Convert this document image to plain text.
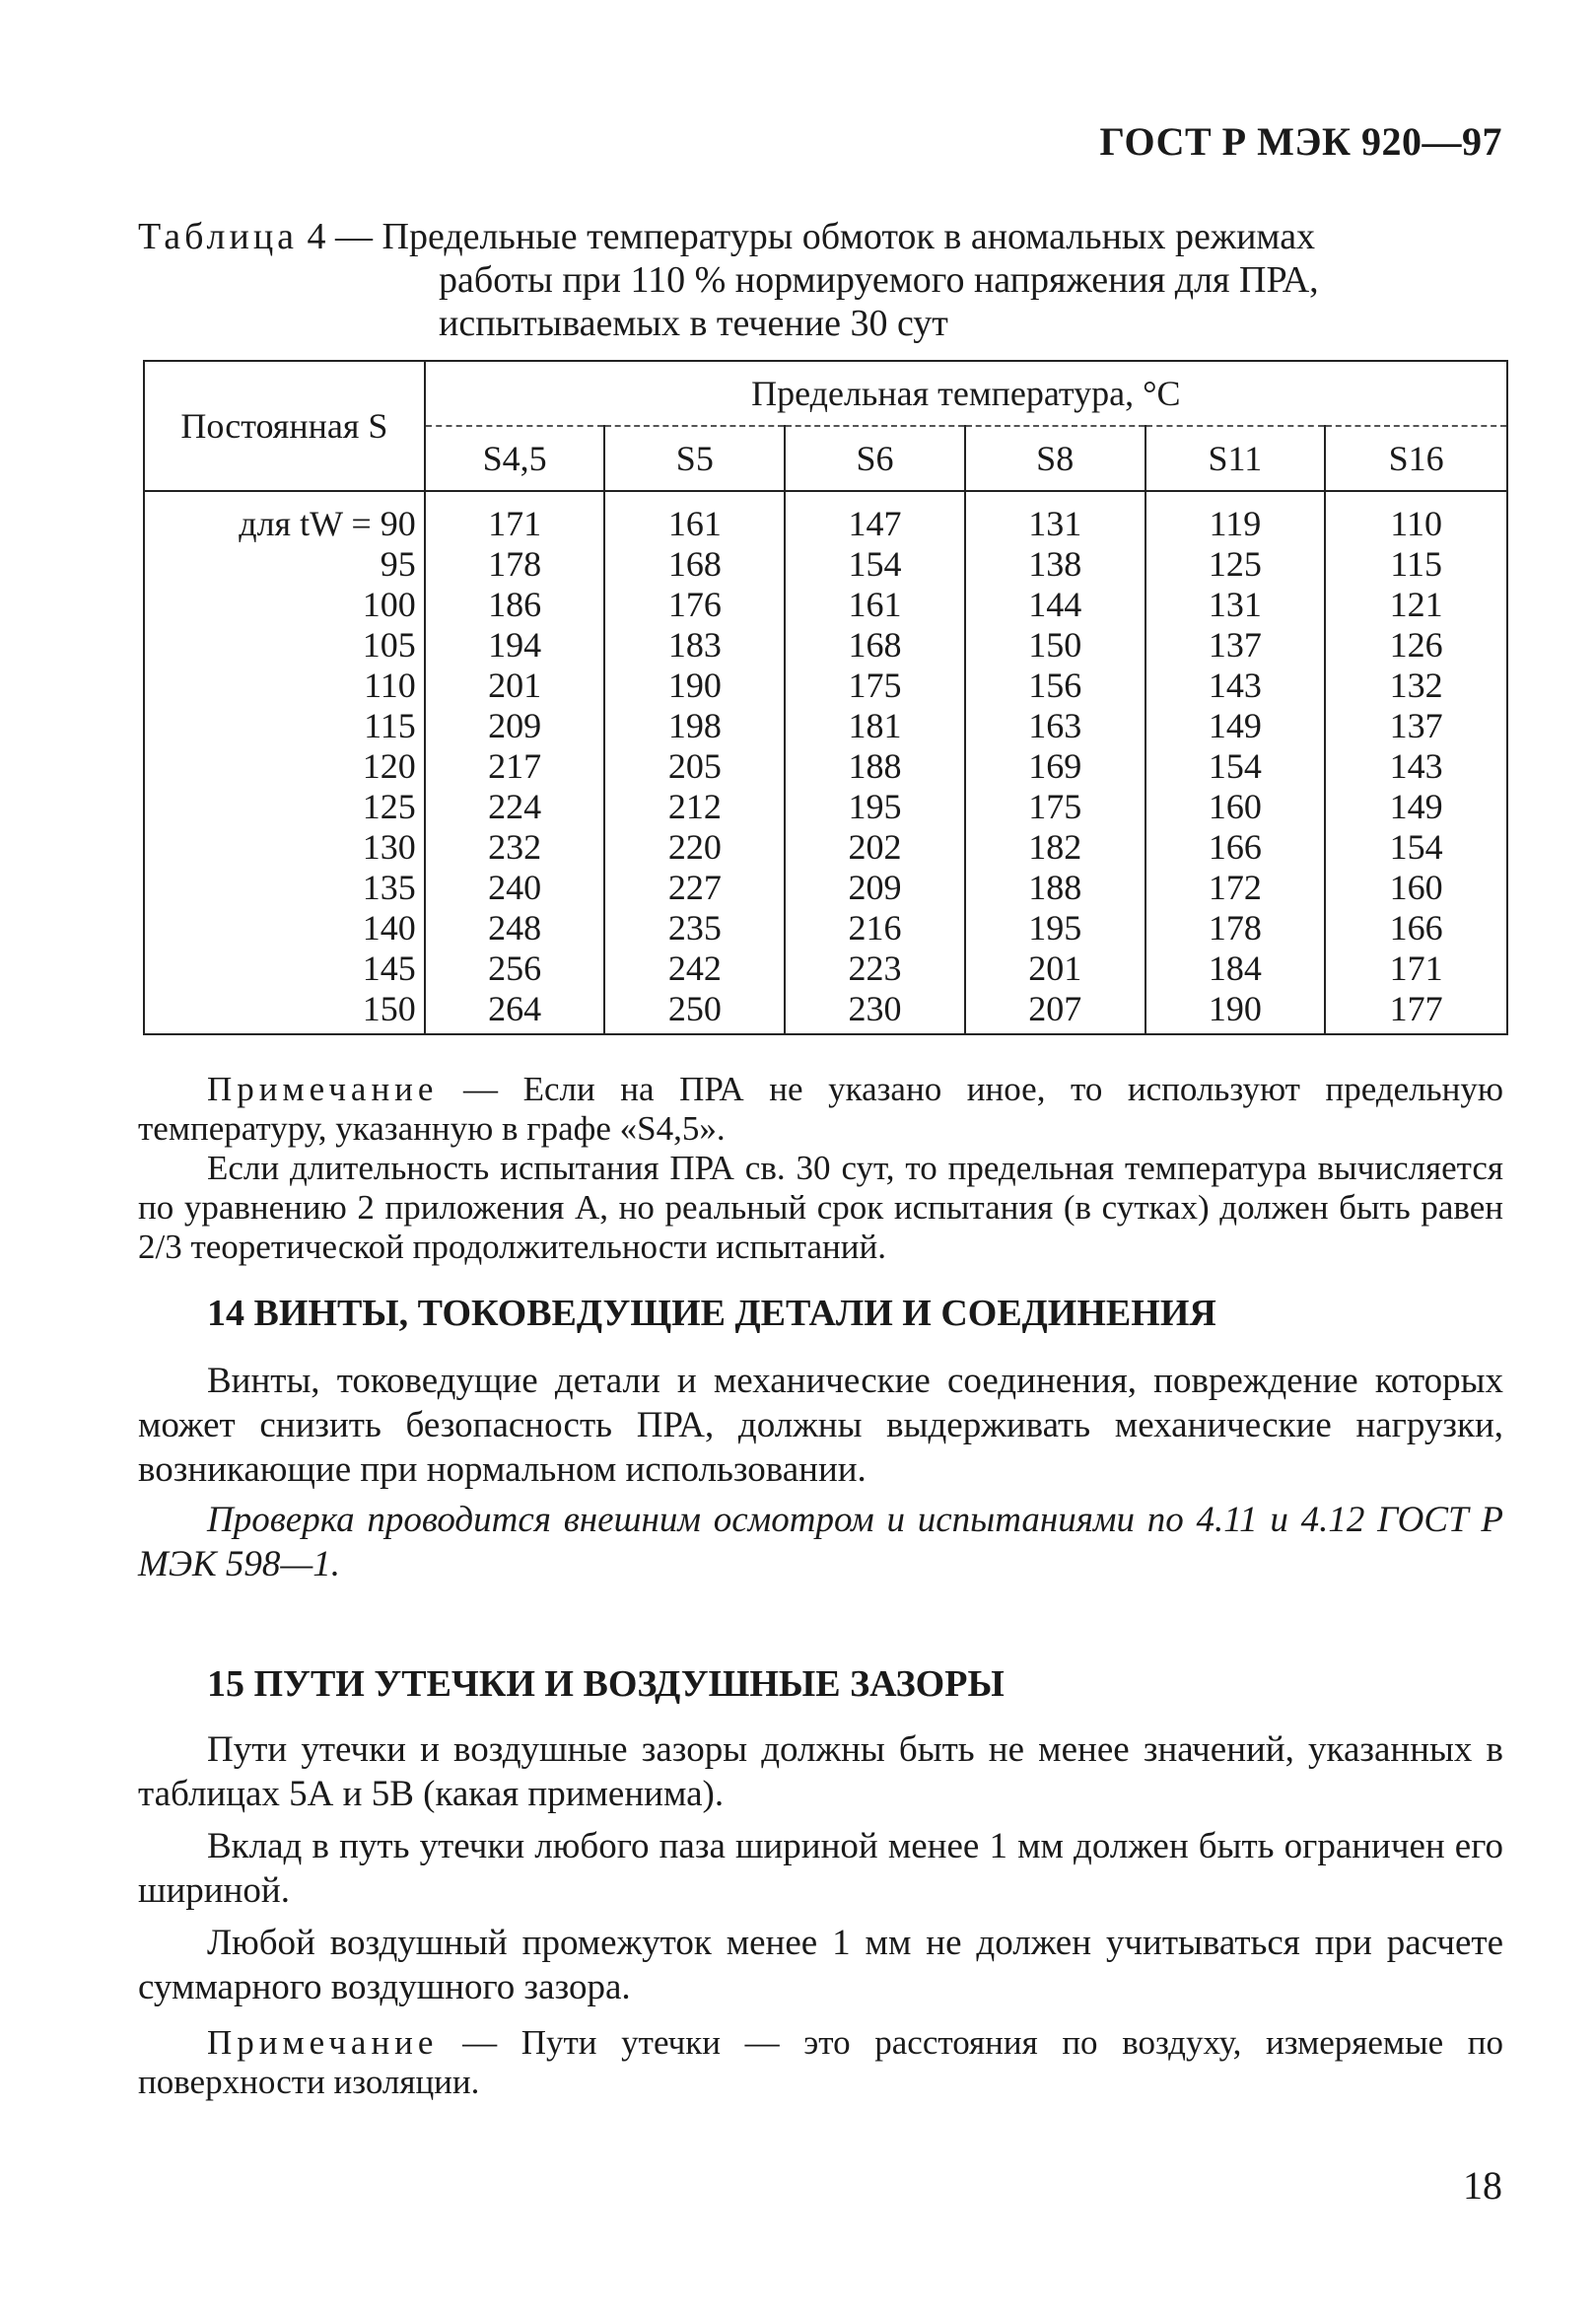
ГОСТ Р МЭК 920—97
Таблица 4 — Предельные температуры обмоток в аномальных режимах
работы при 110 % нормируемого напряжения для ПРА,
испытываемых в течение 30 сут
Постоянная S	Предельная температура, °С					
	S4,5	S5	S6	S8	S11	S16
для tW = 90	171	161	147	131	119	110
95	178	168	154	138	125	115
100	186	176	161	144	131	121
105	194	183	168	150	137	126
110	201	190	175	156	143	132
115	209	198	181	163	149	137
120	217	205	188	169	154	143
125	224	212	195	175	160	149
130	232	220	202	182	166	154
135	240	227	209	188	172	160
140	248	235	216	195	178	166
145	256	242	223	201	184	171
150	264	250	230	207	190	177
Примечание — Если на ПРА не указано иное, то используют предельную температуру, указанную в графе «S4,5».
Если длительность испытания ПРА св. 30 сут, то предельная температура вычисляется по уравнению 2 приложения А, но реальный срок испытания (в сутках) должен быть равен 2/3 теоретической продолжительности испытаний.
14 ВИНТЫ, ТОКОВЕДУЩИЕ ДЕТАЛИ И СОЕДИНЕНИЯ
Винты, токоведущие детали и механические соединения, повреждение которых может снизить безопасность ПРА, должны выдерживать механические нагрузки, возникающие при нормальном использовании.
Проверка проводится внешним осмотром и испытаниями по 4.11 и 4.12 ГОСТ Р МЭК 598—1.
15 ПУТИ УТЕЧКИ И ВОЗДУШНЫЕ ЗАЗОРЫ
Пути утечки и воздушные зазоры должны быть не менее значений, указанных в таблицах 5А и 5В (какая применима).
Вклад в путь утечки любого паза шириной менее 1 мм должен быть ограничен его шириной.
Любой воздушный промежуток менее 1 мм не должен учитываться при расчете суммарного воздушного зазора.
Примечание — Пути утечки — это расстояния по воздуху, измеряемые по поверхности изоляции.
18
